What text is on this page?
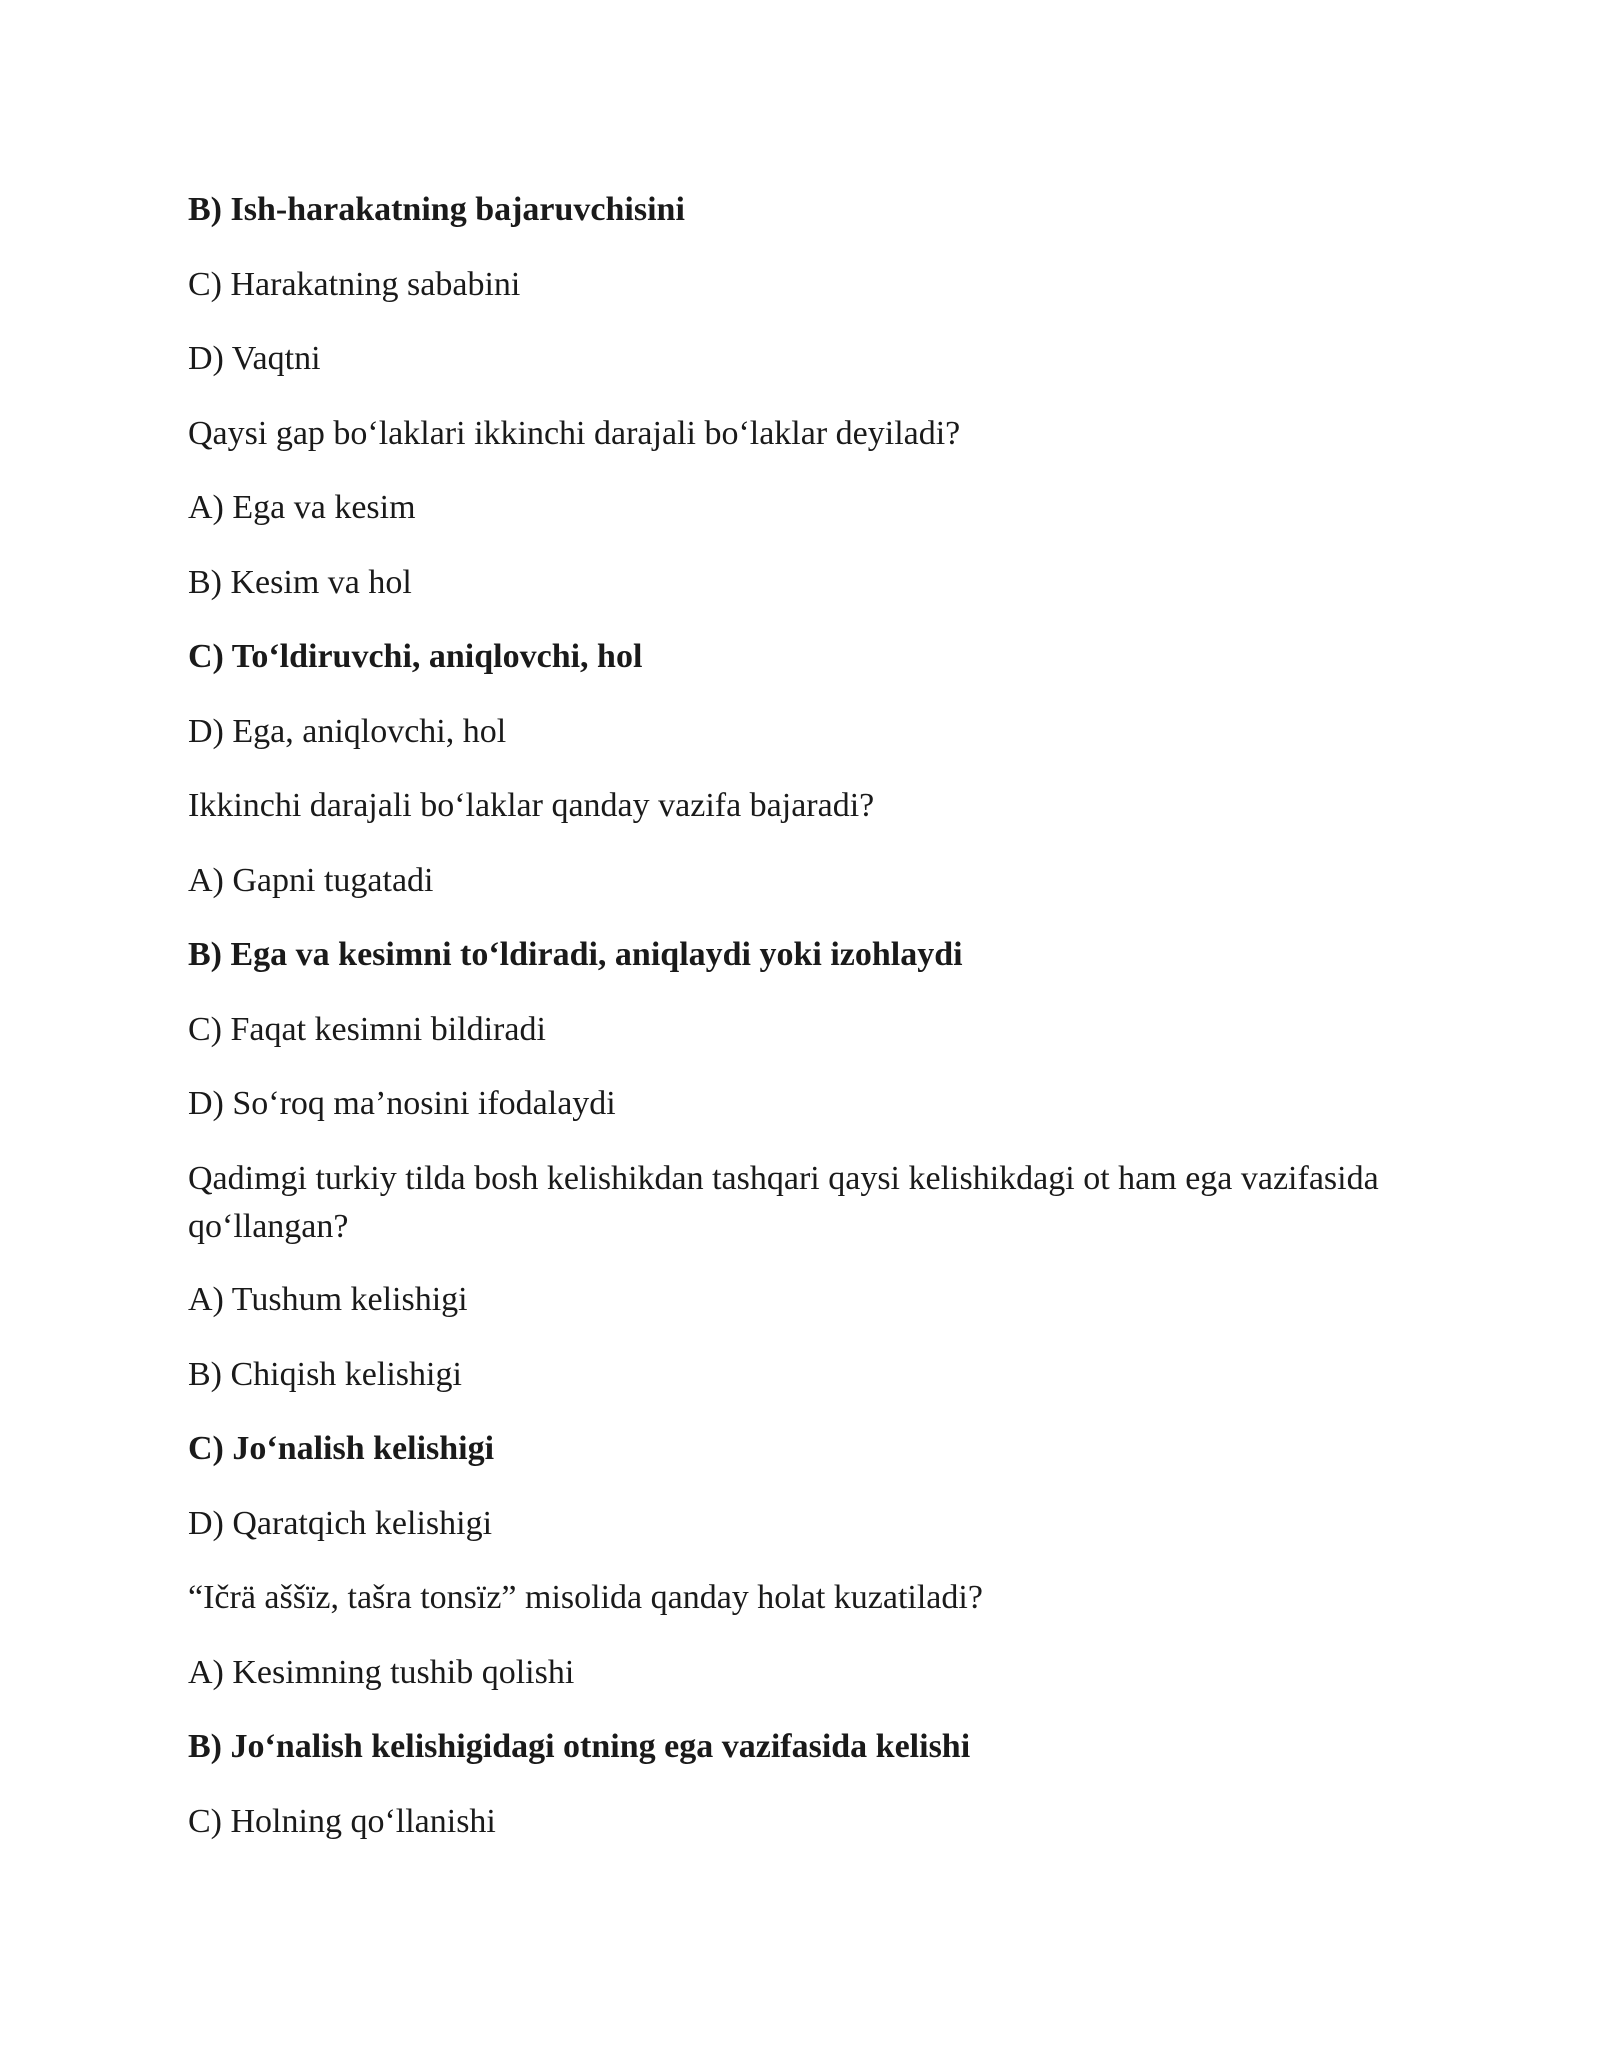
B) Ish-harakatning bajaruvchisini

C) Harakatning sababini

D) Vaqtni

Qaysi gap bo‘laklari ikkinchi darajali bo‘laklar deyiladi?

A) Ega va kesim

B) Kesim va hol

C) To‘ldiruvchi, aniqlovchi, hol

D) Ega, aniqlovchi, hol

Ikkinchi darajali bo‘laklar qanday vazifa bajaradi?

A) Gapni tugatadi

B) Ega va kesimni to‘ldiradi, aniqlaydi yoki izohlaydi

C) Faqat kesimni bildiradi

D) So‘roq ma’nosini ifodalaydi

Qadimgi turkiy tilda bosh kelishikdan tashqari qaysi kelishikdagi ot ham ega vazifasida qo‘llangan?

A) Tushum kelishigi

B) Chiqish kelishigi

C) Jo‘nalish kelishigi

D) Qaratqich kelishigi

“Ičrä aššïz, tašra tonsïz” misolida qanday holat kuzatiladi?

A) Kesimning tushib qolishi

B) Jo‘nalish kelishigidagi otning ega vazifasida kelishi

C) Holning qo‘llanishi
